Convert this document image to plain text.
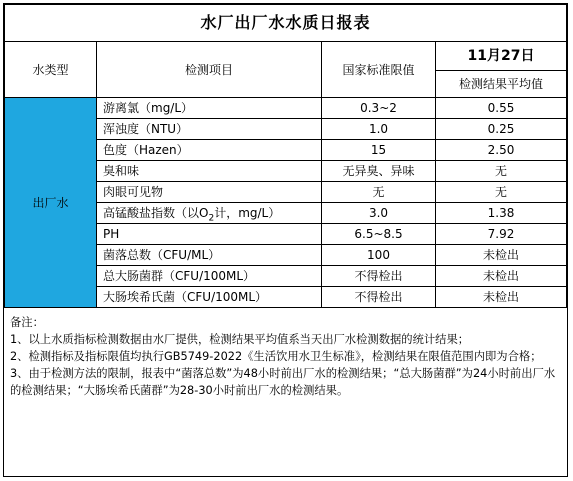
水厂出厂水水质日报表			
水类型	检测项目	国家标准限值	11月27日
			检测结果平均值
出厂水	游离氯（mg/L）	0.3~2	0.55
	浑浊度（NTU）	1.0	0.25
	色度（Hazen）	15	2.50
	臭和味	无异臭、异味	无
	肉眼可见物	无	无
	高锰酸盐指数（以$O_2$计，mg/L）	3.0	1.38
	PH	6.5~8.5	7.92
	菌落总数（CFU/ML）	100	未检出
	总大肠菌群（CFU/100ML）	不得检出	未检出
	大肠埃希氏菌（CFU/100ML）	不得检出	未检出

备注：

1、以上水质指标检测数据由水厂提供，检测结果平均值系当天出厂水检测数据的统计结果；

2、检测指标及指标限值均执行GB5749-2022《生活饮用水卫生标准》，检测结果在限值范围内即为合格；

3、由于检测方法的限制，报表中“菌落总数”为48小时前出厂水的检测结果；“总大肠菌群”为24小时前出厂水的检测结果；“大肠埃希氏菌群”为28-30小时前出厂水的检测结果。
